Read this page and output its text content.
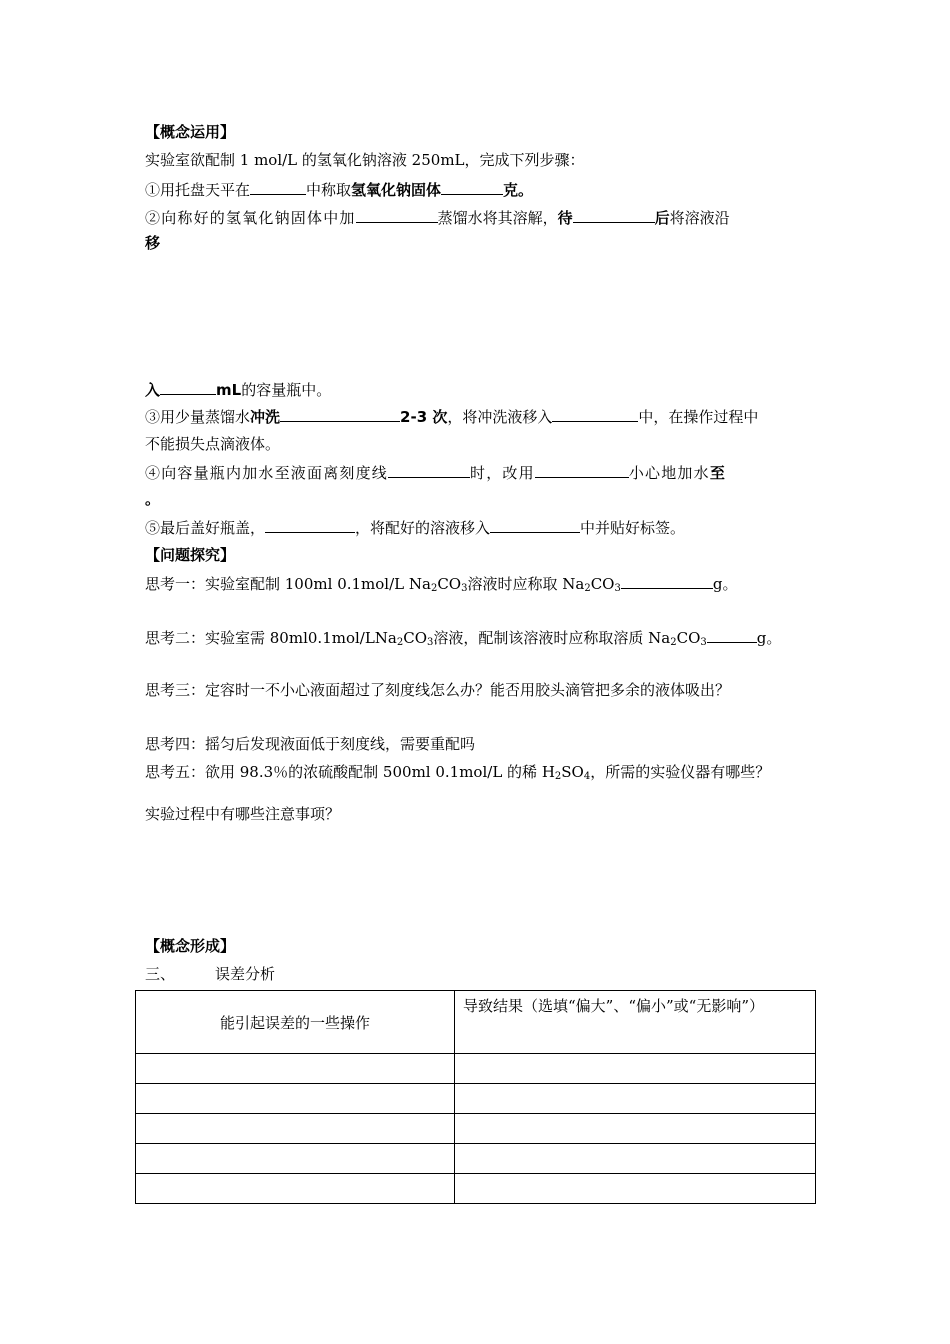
【概念运用】
实验室欲配制 1 mol/L 的氢氧化钠溶液 250mL，完成下列步骤：
①用托盘天平在	中称取氢氧化钠固体	克。
②向称好的氢氧化钠固体中加	蒸馏水将其溶解，待	后将溶液沿
移
入	mL的容量瓶中。
③用少量蒸馏水冲洗	2-3 次，将冲洗液移入	中，在操作过程中
不能损失点滴液体。
④向容量瓶内加水至液面离刻度线	时，改用	小心地加水至
。
⑤最后盖好瓶盖，	，将配好的溶液移入	中并贴好标签。
【问题探究】
思考一：实验室配制 100ml 0.1mol/L $Na_2CO_3$溶液时应称取 $Na_2CO_3$	g。
思考二：实验室需 $80ml0.1mol/LNa_2CO_3$溶液，配制该溶液时应称取溶质 $Na_2CO_3$	g。
思考三：定容时一不小心液面超过了刻度线怎么办？能否用胶头滴管把多余的液体吸出？
思考四：摇匀后发现液面低于刻度线，需要重配吗
思考五：欲用 98.3％的浓硫酸配制 500ml 0.1mol/L 的稀 $H_2SO_4$，所需的实验仪器有哪些？
实验过程中有哪些注意事项？
【概念形成】
三、	误差分析
能引起误差的一些操作	导致结果（选填“偏大”、“偏小”或“无影响”）
